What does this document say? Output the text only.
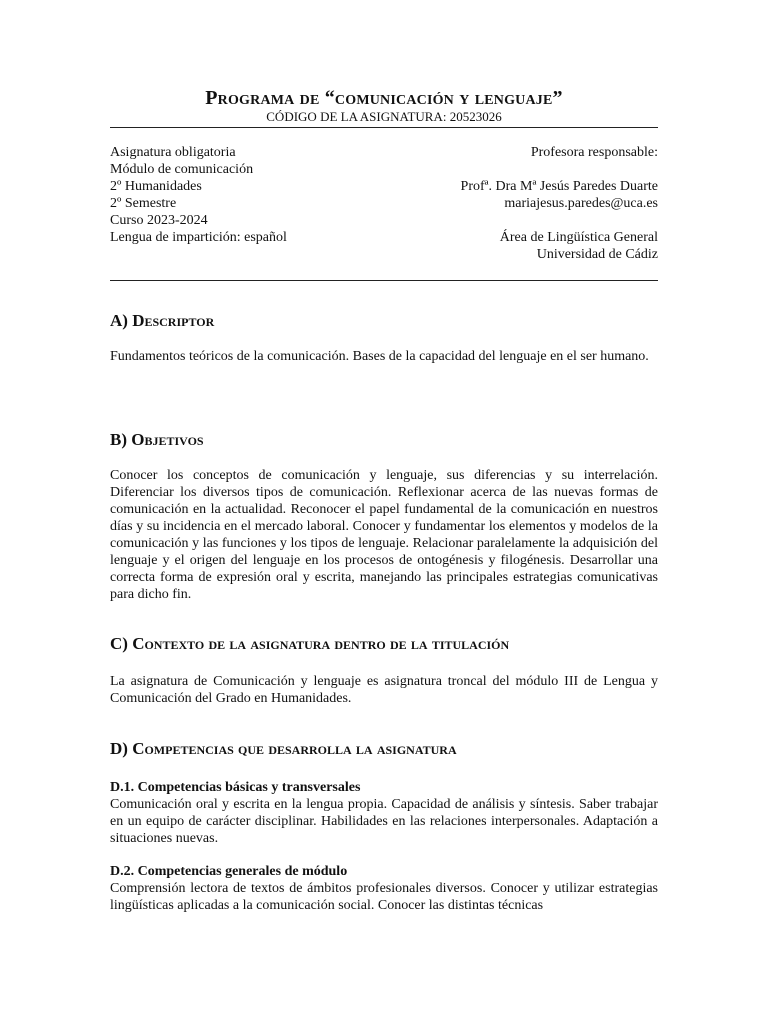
Programa de “comunicación y lenguaje”
CÓDIGO DE LA ASIGNATURA: 20523026
Asignatura obligatoria
Módulo de comunicación
2º Humanidades
2º Semestre
Curso 2023-2024
Lengua de impartición: español
Profesora responsable:
Profª. Dra Mª Jesús Paredes Duarte
mariajesus.paredes@uca.es
Área de Lingüística General
Universidad de Cádiz
A) Descriptor
Fundamentos teóricos de la comunicación. Bases de la capacidad del lenguaje en el ser humano.
B) Objetivos
Conocer los conceptos de comunicación y lenguaje, sus diferencias y su interrelación. Diferenciar los diversos tipos de comunicación. Reflexionar acerca de las nuevas formas de comunicación en la actualidad. Reconocer el papel fundamental de la comunicación en nuestros días y su incidencia en el mercado laboral. Conocer y fundamentar los elementos y modelos de la comunicación y las funciones y los tipos de lenguaje. Relacionar paralelamente la adquisición del lenguaje y el origen del lenguaje en los procesos de ontogénesis y filogénesis. Desarrollar una correcta forma de expresión oral y escrita, manejando las principales estrategias comunicativas para dicho fin.
C) Contexto de la asignatura dentro de la titulación
La asignatura de Comunicación y lenguaje es asignatura troncal del módulo III de Lengua y Comunicación del Grado en Humanidades.
D) Competencias que desarrolla la asignatura
D.1. Competencias básicas y transversales
Comunicación oral y escrita en la lengua propia. Capacidad de análisis y síntesis. Saber trabajar en un equipo de carácter disciplinar. Habilidades en las relaciones interpersonales. Adaptación a situaciones nuevas.
D.2. Competencias generales de módulo
Comprensión lectora de textos de ámbitos profesionales diversos. Conocer y utilizar estrategias lingüísticas aplicadas a la comunicación social. Conocer las distintas técnicas
